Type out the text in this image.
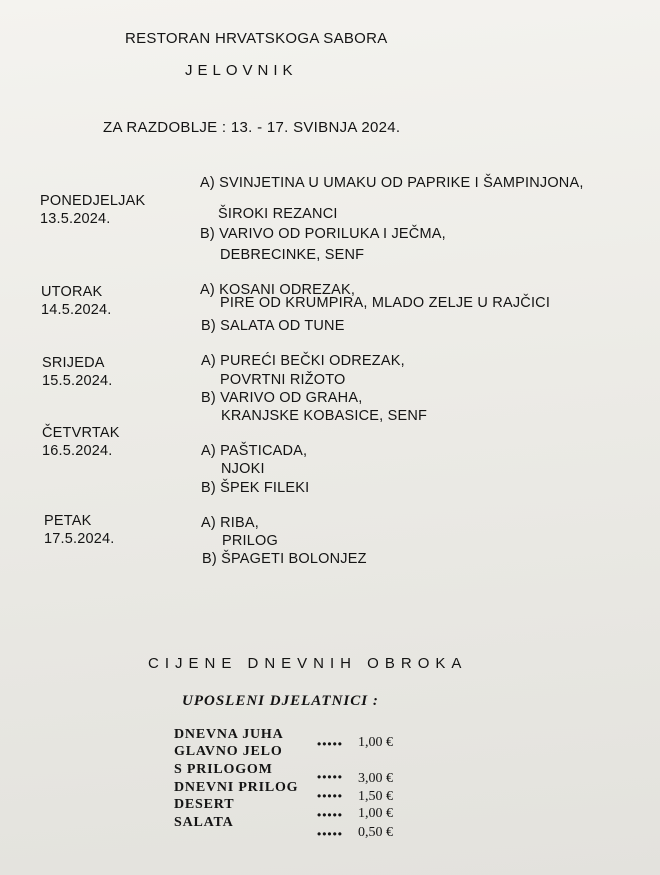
RESTORAN HRVATSKOGA SABORA
JELOVNIK
ZA RAZDOBLJE : 13. - 17. SVIBNJA 2024.
PONEDJELJAK
13.5.2024.
A) SVINJETINA U UMAKU OD PAPRIKE I ŠAMPINJONA,
ŠIROKI REZANCI
B) VARIVO OD PORILUKA I JEČMA,
DEBRECINKE, SENF
UTORAK
14.5.2024.
A) KOSANI ODREZAK,
PIRE OD KRUMPIRA, MLADO ZELJE U RAJČICI
B) SALATA OD TUNE
SRIJEDA
15.5.2024.
A) PUREĆI BEČKI ODREZAK,
POVRTNI RIŽOTO
B) VARIVO OD GRAHA,
KRANJSKE KOBASICE, SENF
ČETVRTAK
16.5.2024.	A) PAŠTICADA,
NJOKI
B) ŠPEK FILEKI
PETAK
17.5.2024.
A) RIBA,
PRILOG
B) ŠPAGETI BOLONJEZ
CIJENE DNEVNIH OBROKA
UPOSLENI DJELATNICI :
DNEVNA JUHA
GLAVNO JELO
S PRILOGOM
DNEVNI PRILOG
DESERT
SALATA
••••• 1,00 €
••••• 3,00 €
••••• 1,50 €
••••• 1,00 €
••••• 0,50 €
